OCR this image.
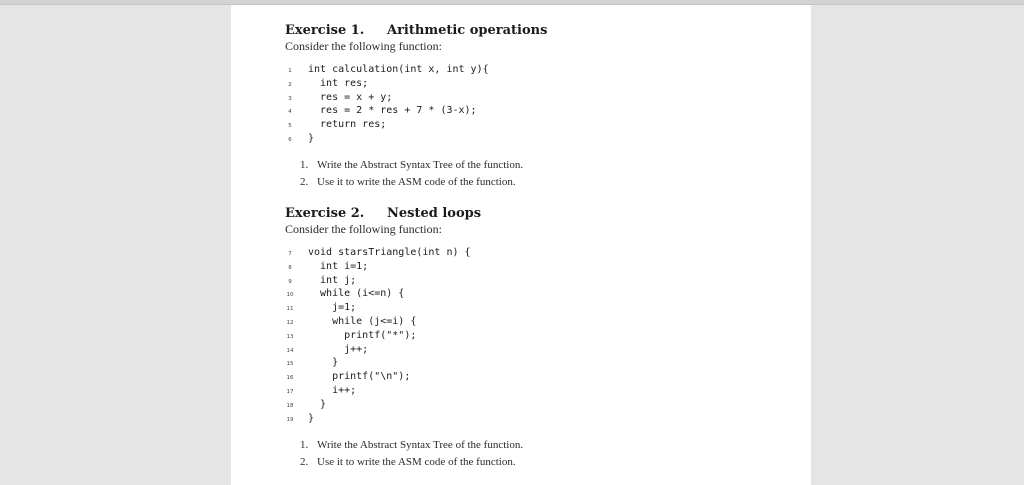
Exercise 1. Arithmetic operations
Consider the following function:
1	int calculation(int x, int y){
2	int res;
3	res = x + y;
4	res = 2 * res + 7 * (3-x);
5	return res;
6	}
1. Write the Abstract Syntax Tree of the function.
2. Use it to write the ASM code of the function.
Exercise 2. Nested loops
Consider the following function:
7	void starsTriangle(int n) {
8	int i=1;
9	int j;
10 while (i<=n) {
11 j=1;
12 while (j<=i) {
13 printf("*");
14 j++;
15 }
16 printf("\n");
17 i++;
18 }
19 }
1. Write the Abstract Syntax Tree of the function.
2. Use it to write the ASM code of the function.
